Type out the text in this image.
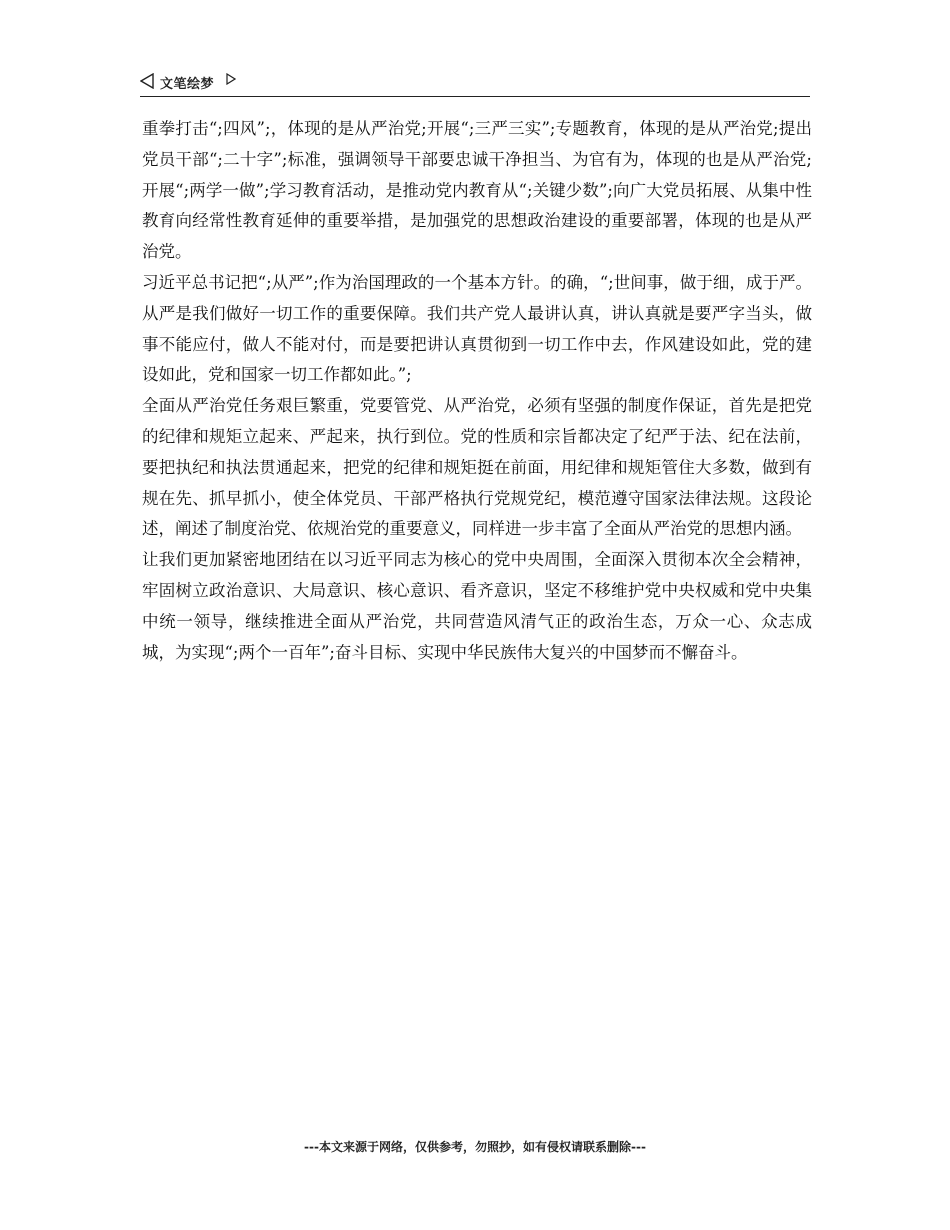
文笔绘梦

重拳打击“;四风”;，体现的是从严治党;开展“;三严三实”;专题教育，体现的是从严治党;提出党员干部“;二十字”;标准，强调领导干部要忠诚干净担当、为官有为，体现的也是从严治党;开展“;两学一做”;学习教育活动，是推动党内教育从“;关键少数”;向广大党员拓展、从集中性教育向经常性教育延伸的重要举措，是加强党的思想政治建设的重要部署，体现的也是从严治党。

习近平总书记把“;从严”;作为治国理政的一个基本方针。的确，“;世间事，做于细，成于严。从严是我们做好一切工作的重要保障。我们共产党人最讲认真，讲认真就是要严字当头，做事不能应付，做人不能对付，而是要把讲认真贯彻到一切工作中去，作风建设如此，党的建设如此，党和国家一切工作都如此。”;

全面从严治党任务艰巨繁重，党要管党、从严治党，必须有坚强的制度作保证，首先是把党的纪律和规矩立起来、严起来，执行到位。党的性质和宗旨都决定了纪严于法、纪在法前，要把执纪和执法贯通起来，把党的纪律和规矩挺在前面，用纪律和规矩管住大多数，做到有规在先、抓早抓小，使全体党员、干部严格执行党规党纪，模范遵守国家法律法规。这段论述，阐述了制度治党、依规治党的重要意义，同样进一步丰富了全面从严治党的思想内涵。

让我们更加紧密地团结在以习近平同志为核心的党中央周围，全面深入贯彻本次全会精神，牢固树立政治意识、大局意识、核心意识、看齐意识，坚定不移维护党中央权威和党中央集中统一领导，继续推进全面从严治党，共同营造风清气正的政治生态，万众一心、众志成城，为实现“;两个一百年”;奋斗目标、实现中华民族伟大复兴的中国梦而不懈奋斗。

---本文来源于网络，仅供参考，勿照抄，如有侵权请联系删除---
